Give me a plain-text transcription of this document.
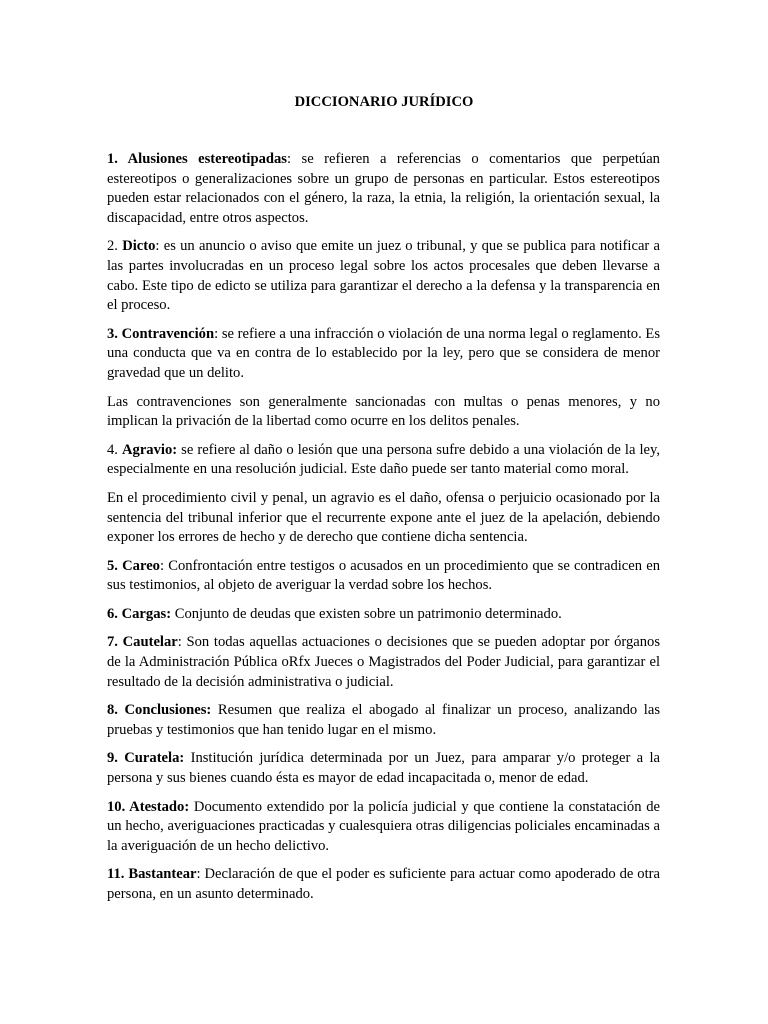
DICCIONARIO JURÍDICO

1. Alusiones estereotipadas: se refieren a referencias o comentarios que perpetúan estereotipos o generalizaciones sobre un grupo de personas en particular. Estos estereotipos pueden estar relacionados con el género, la raza, la etnia, la religión, la orientación sexual, la discapacidad, entre otros aspectos.

2. Dicto: es un anuncio o aviso que emite un juez o tribunal, y que se publica para notificar a las partes involucradas en un proceso legal sobre los actos procesales que deben llevarse a cabo. Este tipo de edicto se utiliza para garantizar el derecho a la defensa y la transparencia en el proceso.

3. Contravención: se refiere a una infracción o violación de una norma legal o reglamento. Es una conducta que va en contra de lo establecido por la ley, pero que se considera de menor gravedad que un delito.

Las contravenciones son generalmente sancionadas con multas o penas menores, y no implican la privación de la libertad como ocurre en los delitos penales.

4. Agravio: se refiere al daño o lesión que una persona sufre debido a una violación de la ley, especialmente en una resolución judicial. Este daño puede ser tanto material como moral.

En el procedimiento civil y penal, un agravio es el daño, ofensa o perjuicio ocasionado por la sentencia del tribunal inferior que el recurrente expone ante el juez de la apelación, debiendo exponer los errores de hecho y de derecho que contiene dicha sentencia.

5. Careo: Confrontación entre testigos o acusados en un procedimiento que se contradicen en sus testimonios, al objeto de averiguar la verdad sobre los hechos.

6. Cargas: Conjunto de deudas que existen sobre un patrimonio determinado.

7. Cautelar: Son todas aquellas actuaciones o decisiones que se pueden adoptar por órganos de la Administración Pública oRfx Jueces o Magistrados del Poder Judicial, para garantizar el resultado de la decisión administrativa o judicial.

8. Conclusiones: Resumen que realiza el abogado al finalizar un proceso, analizando las pruebas y testimonios que han tenido lugar en el mismo.

9. Curatela: Institución jurídica determinada por un Juez, para amparar y/o proteger a la persona y sus bienes cuando ésta es mayor de edad incapacitada o, menor de edad.

10. Atestado: Documento extendido por la policía judicial y que contiene la constatación de un hecho, averiguaciones practicadas y cualesquiera otras diligencias policiales encaminadas a la averiguación de un hecho delictivo.

11. Bastantear: Declaración de que el poder es suficiente para actuar como apoderado de otra persona, en un asunto determinado.
